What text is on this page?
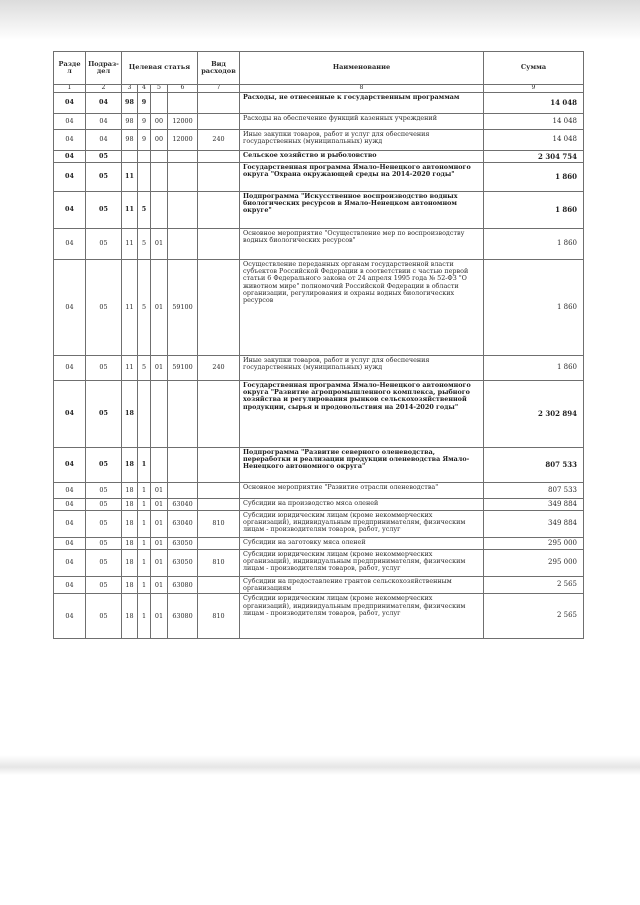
Разде л	Подраз- дел	Целевая статья				Вид расходов	Наименование	Сумма
1	2	3	4	5	6	7	8	9
04	04	98	9				Расходы, не отнесенные к государственным программам	14 048
04	04	98	9	00	12000		Расходы на обеспечение функций казенных учреждений	14 048
04	04	98	9	00	12000	240	Иные закупки товаров, работ и услуг для обеспечения государственных (муниципальных) нужд	14 048
04	05						Сельское хозяйство и рыболовство	2 304 754
04	05	11					Государственная программа Ямало-Ненецкого автономного округа "Охрана окружающей среды на 2014-2020 годы"	1 860
04	05	11	5				Подпрограмма "Искусственное воспроизводство водных биологических ресурсов в Ямало-Ненецком автономном округе"	1 860
04	05	11	5	01			Основное мероприятие "Осуществление мер по воспроизводству водных биологических ресурсов"	1 860
04	05	11	5	01	59100		Осуществление переданных органам государственной власти субъектов Российской Федерации в соответствии с частью первой статьи 6 Федерального закона от 24 апреля 1995 года № 52-ФЗ "О животном мире" полномочий Российской Федерации в области организации, регулирования и охраны водных биологических ресурсов	1 860
04	05	11	5	01	59100	240	Иные закупки товаров, работ и услуг для обеспечения государственных (муниципальных) нужд	1 860
04	05	18					Государственная программа Ямало-Ненецкого автономного округа "Развитие агропромышленного комплекса, рыбного хозяйства и регулирования рынков сельскохозяйственной продукции, сырья и продовольствия на 2014-2020 годы"	2 302 894
04	05	18	1				Подпрограмма "Развитие северного оленеводства, переработки и реализации продукции оленеводства Ямало-Ненецкого автономного округа"	807 533
04	05	18	1	01			Основное мероприятие "Развитие отрасли оленеводства"	807 533
04	05	18	1	01	63040		Субсидии на производство мяса оленей	349 884
04	05	18	1	01	63040	810	Субсидии юридическим лицам (кроме некоммерческих организаций), индивидуальным предпринимателям, физическим лицам - производителям товаров, работ, услуг	349 884
04	05	18	1	01	63050		Субсидии на заготовку мяса оленей	295 000
04	05	18	1	01	63050	810	Субсидии юридическим лицам (кроме некоммерческих организаций), индивидуальным предпринимателям, физическим лицам - производителям товаров, работ, услуг	295 000
04	05	18	1	01	63080		Субсидии на предоставление грантов сельскохозяйственным организациям	2 565
04	05	18	1	01	63080	810	Субсидии юридическим лицам (кроме некоммерческих организаций), индивидуальным предпринимателям, физическим лицам - производителям товаров, работ, услуг	2 565
